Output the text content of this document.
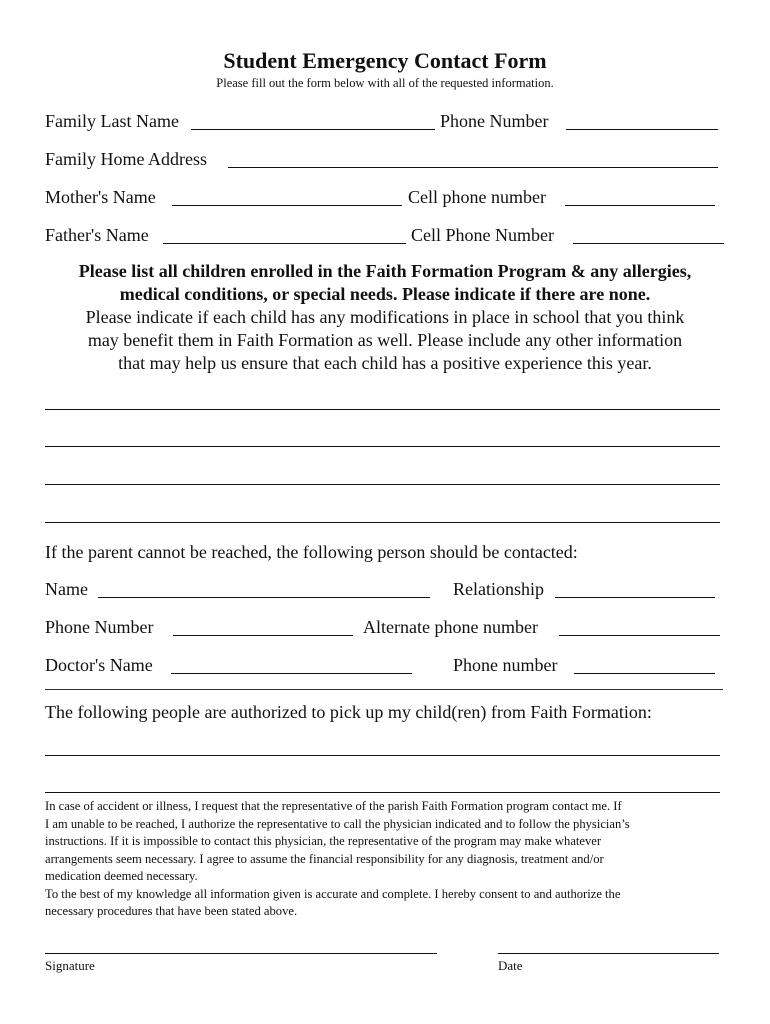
Student Emergency Contact Form
Please fill out the form below with all of the requested information.
Family Last Name	Phone Number
Family Home Address
Mother's Name	Cell phone number
Father's Name	Cell Phone Number
Please list all children enrolled in the Faith Formation Program & any allergies,
medical conditions, or special needs. Please indicate if there are none.
Please indicate if each child has any modifications in place in school that you think
may benefit them in Faith Formation as well. Please include any other information
that may help us ensure that each child has a positive experience this year.
If the parent cannot be reached, the following person should be contacted:
Name	Relationship
Phone Number	Alternate phone number
Doctor's Name	Phone number
The following people are authorized to pick up my child(ren) from Faith Formation:
In case of accident or illness, I request that the representative of the parish Faith Formation program contact me. If
I am unable to be reached, I authorize the representative to call the physician indicated and to follow the physician’s
instructions. If it is impossible to contact this physician, the representative of the program may make whatever
arrangements seem necessary. I agree to assume the financial responsibility for any diagnosis, treatment and/or
medication deemed necessary.
To the best of my knowledge all information given is accurate and complete. I hereby consent to and authorize the
necessary procedures that have been stated above.
Signature	Date
